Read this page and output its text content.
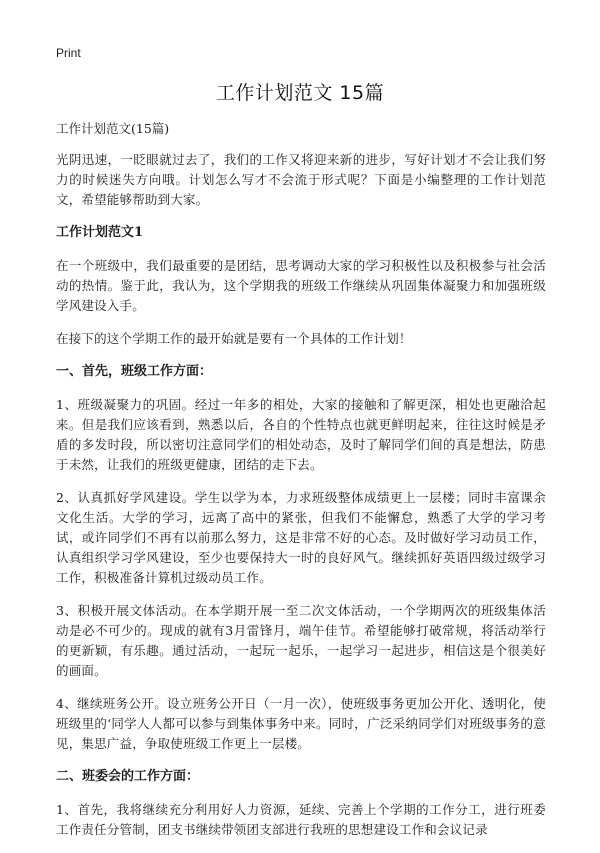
Print
工作计划范文 15篇
工作计划范文(15篇)

光阴迅速，一眨眼就过去了，我们的工作又将迎来新的进步，写好计划才不会让我们努力的时候迷失方向哦。计划怎么写才不会流于形式呢？下面是小编整理的工作计划范文，希望能够帮助到大家。

工作计划范文1

在一个班级中，我们最重要的是团结，思考调动大家的学习积极性以及积极参与社会活动的热情。鉴于此，我认为，这个学期我的班级工作继续从巩固集体凝聚力和加强班级学风建设入手。

在接下的这个学期工作的最开始就是要有一个具体的工作计划！

一、首先，班级工作方面：

1、班级凝聚力的巩固。经过一年多的相处，大家的接触和了解更深，相处也更融洽起来。但是我们应该看到，熟悉以后，各自的个性特点也就更鲜明起来，往往这时候是矛盾的多发时段，所以密切注意同学们的相处动态，及时了解同学们间的真是想法，防患于未然，让我们的班级更健康，团结的走下去。

2、认真抓好学风建设。学生以学为本，力求班级整体成绩更上一层楼；同时丰富课余文化生活。大学的学习，远离了高中的紧张，但我们不能懈怠，熟悉了大学的学习考试，或许同学们不再有以前那么努力，这是非常不好的心态。及时做好学习动员工作，认真组织学习学风建设，至少也要保持大一时的良好风气。继续抓好英语四级过级学习工作，积极准备计算机过级动员工作。

3、积极开展文体活动。在本学期开展一至二次文体活动，一个学期两次的班级集体活动是必不可少的。现成的就有3月雷锋月，端午佳节。希望能够打破常规，将活动举行的更新颖，有乐趣。通过活动，一起玩一起乐，一起学习一起进步，相信这是个很美好的画面。

4、继续班务公开。设立班务公开日（一月一次），使班级事务更加公开化、透明化，使班级里的‘同学人人都可以参与到集体事务中来。同时，广泛采纳同学们对班级事务的意见，集思广益，争取使班级工作更上一层楼。

二、班委会的工作方面：

1、首先，我将继续充分利用好人力资源，延续、完善上个学期的工作分工，进行班委工作责任分管制，团支书继续带领团支部进行我班的思想建设工作和会议记录
